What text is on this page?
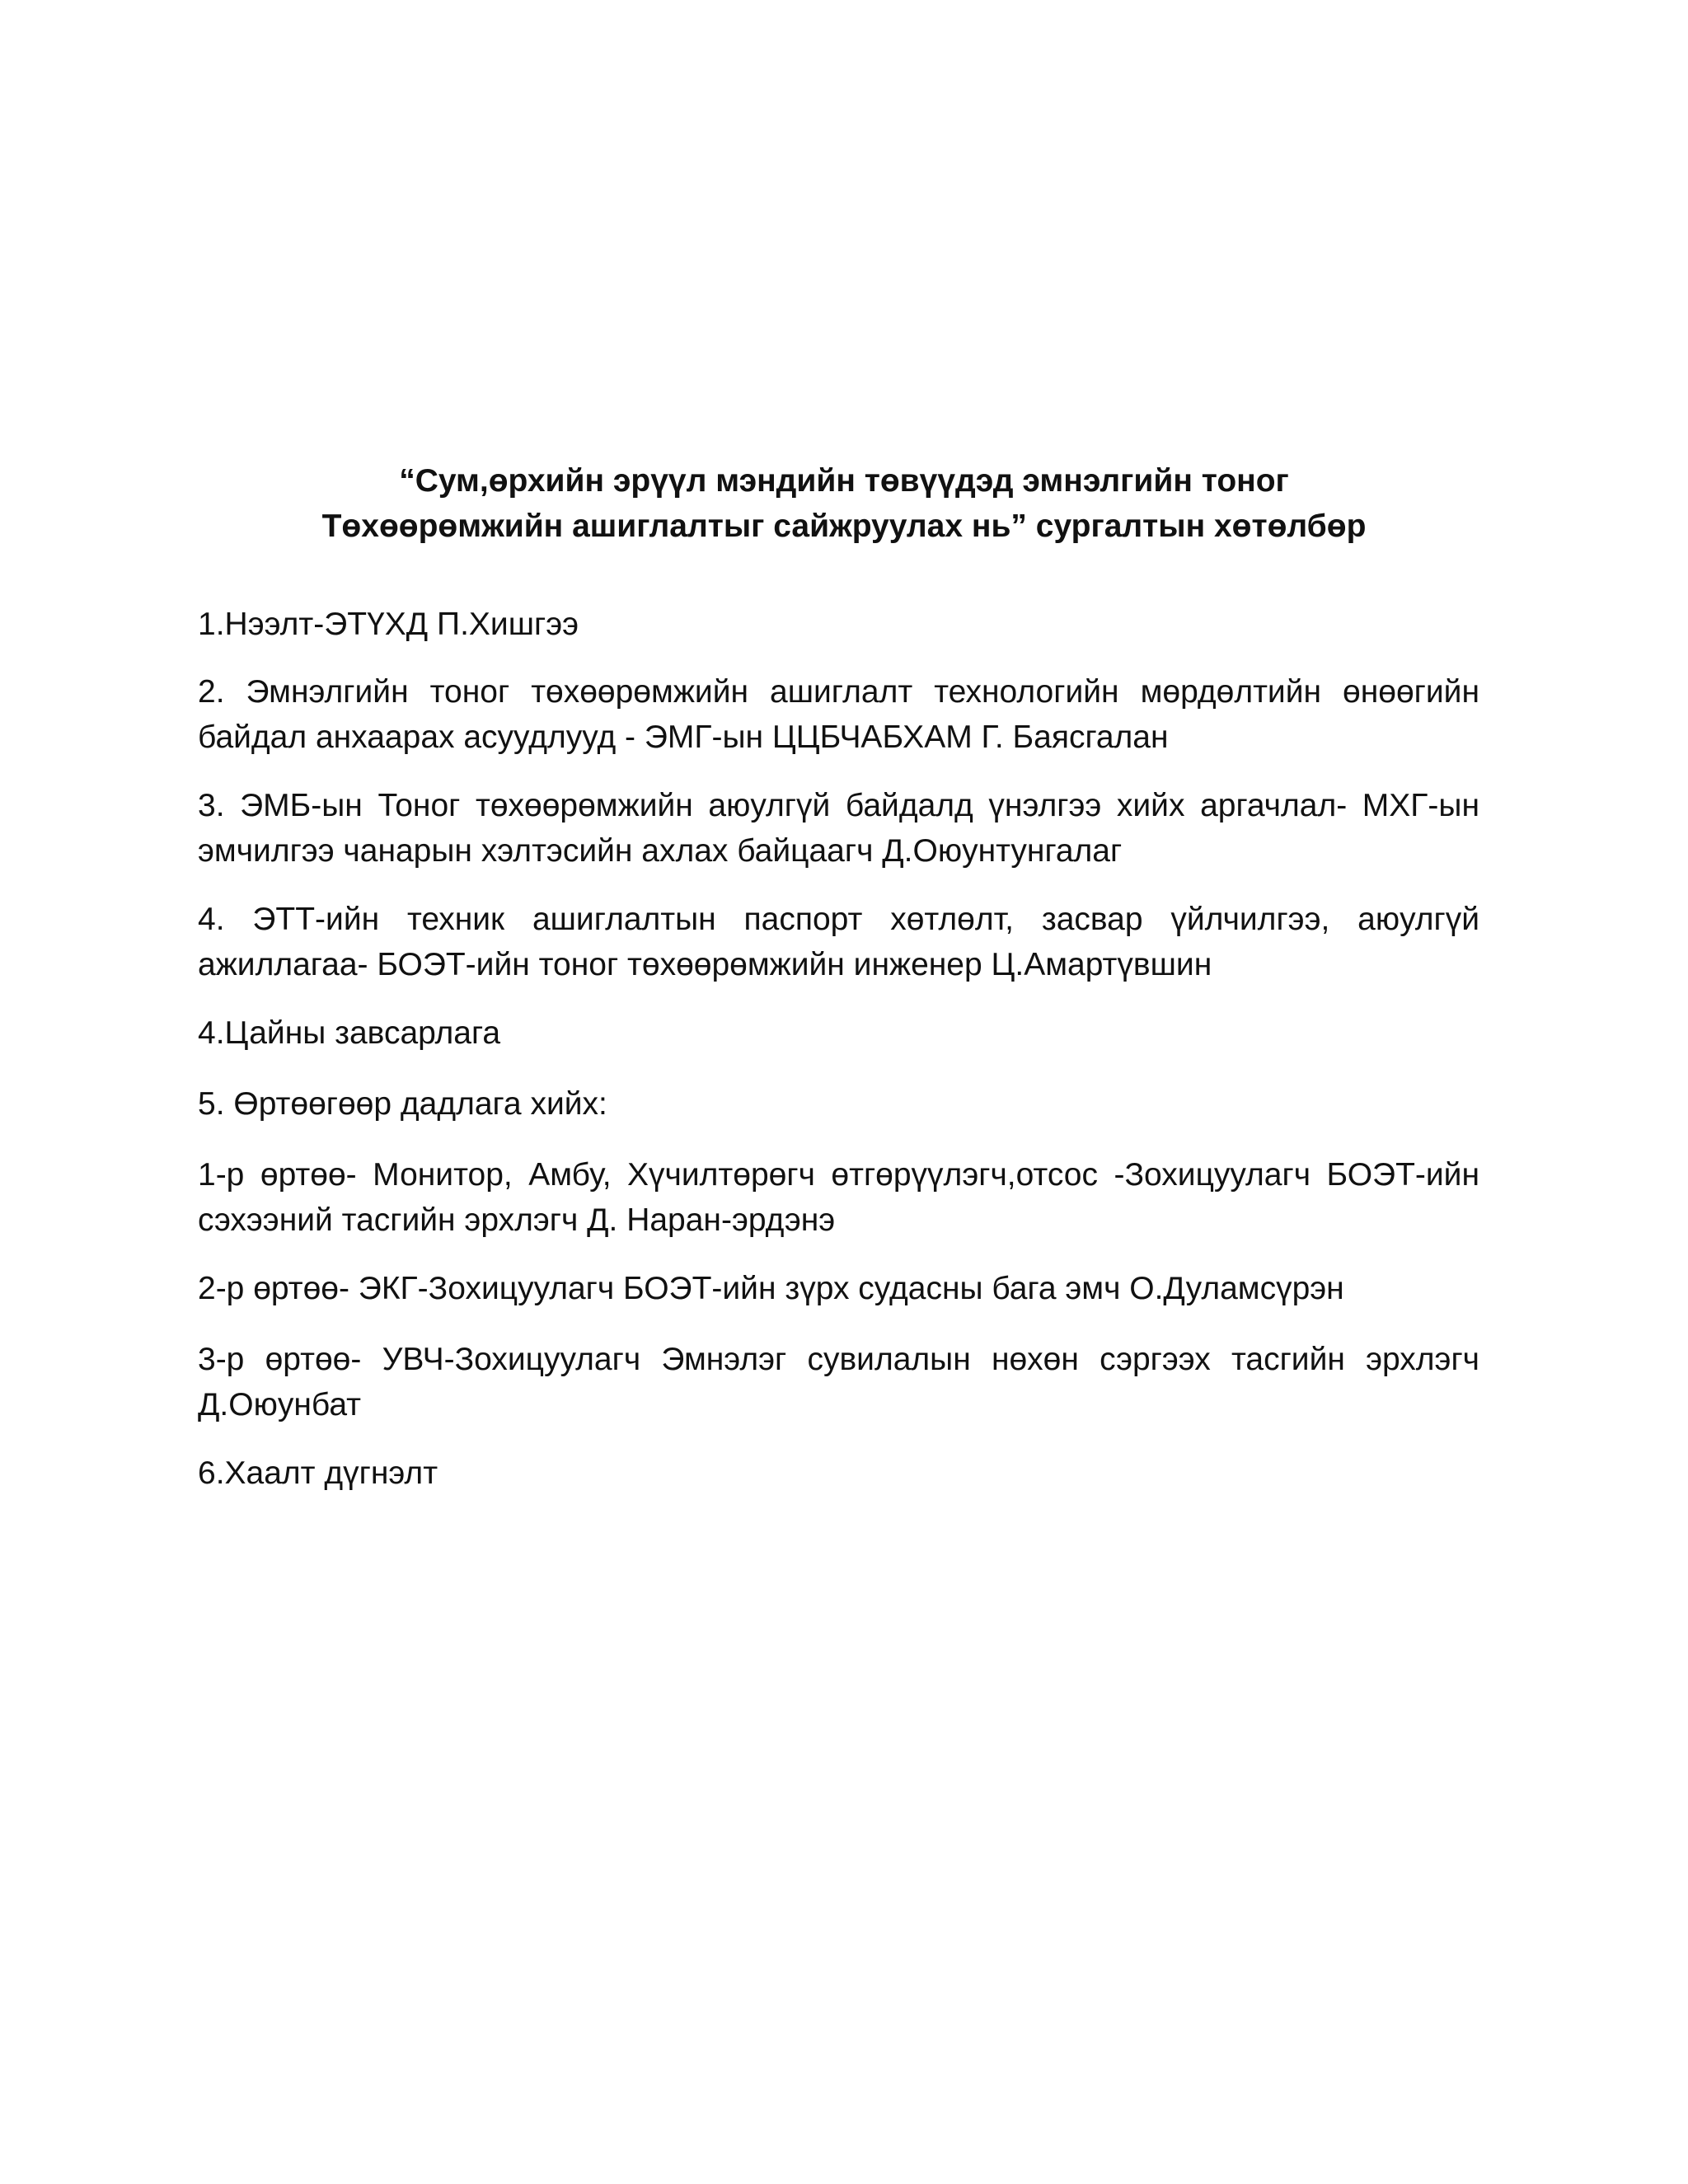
“Сум,өрхийн эрүүл мэндийн төвүүдэд эмнэлгийн тоног
Төхөөрөмжийн ашиглалтыг сайжруулах нь” сургалтын хөтөлбөр
1.Нээлт-ЭТҮХД П.Хишгээ
2. Эмнэлгийн тоног төхөөрөмжийн ашиглалт технологийн мөрдөлтийн өнөөгийн байдал анхаарах асуудлууд - ЭМГ-ын ЦЦБЧАБХАМ Г. Баясгалан
3. ЭМБ-ын Тоног төхөөрөмжийн аюулгүй байдалд үнэлгээ хийх аргачлал- МХГ-ын эмчилгээ чанарын хэлтэсийн ахлах байцаагч Д.Оюунтунгалаг
4. ЭТТ-ийн техник ашиглалтын паспорт хөтлөлт, засвар үйлчилгээ, аюулгүй ажиллагаа- БОЭТ-ийн тоног төхөөрөмжийн инженер Ц.Амартүвшин
4.Цайны завсарлага
5. Өртөөгөөр дадлага хийх:
1-р өртөө- Монитор, Амбу, Хүчилтөрөгч өтгөрүүлэгч,отсос -Зохицуулагч БОЭТ-ийн сэхээний тасгийн эрхлэгч Д. Наран-эрдэнэ
2-р өртөө- ЭКГ-Зохицуулагч БОЭТ-ийн зүрх судасны бага эмч О.Дуламсүрэн
3-р өртөө- УВЧ-Зохицуулагч Эмнэлэг сувилалын нөхөн сэргээх тасгийн эрхлэгч Д.Оюунбат
6.Хаалт дүгнэлт
